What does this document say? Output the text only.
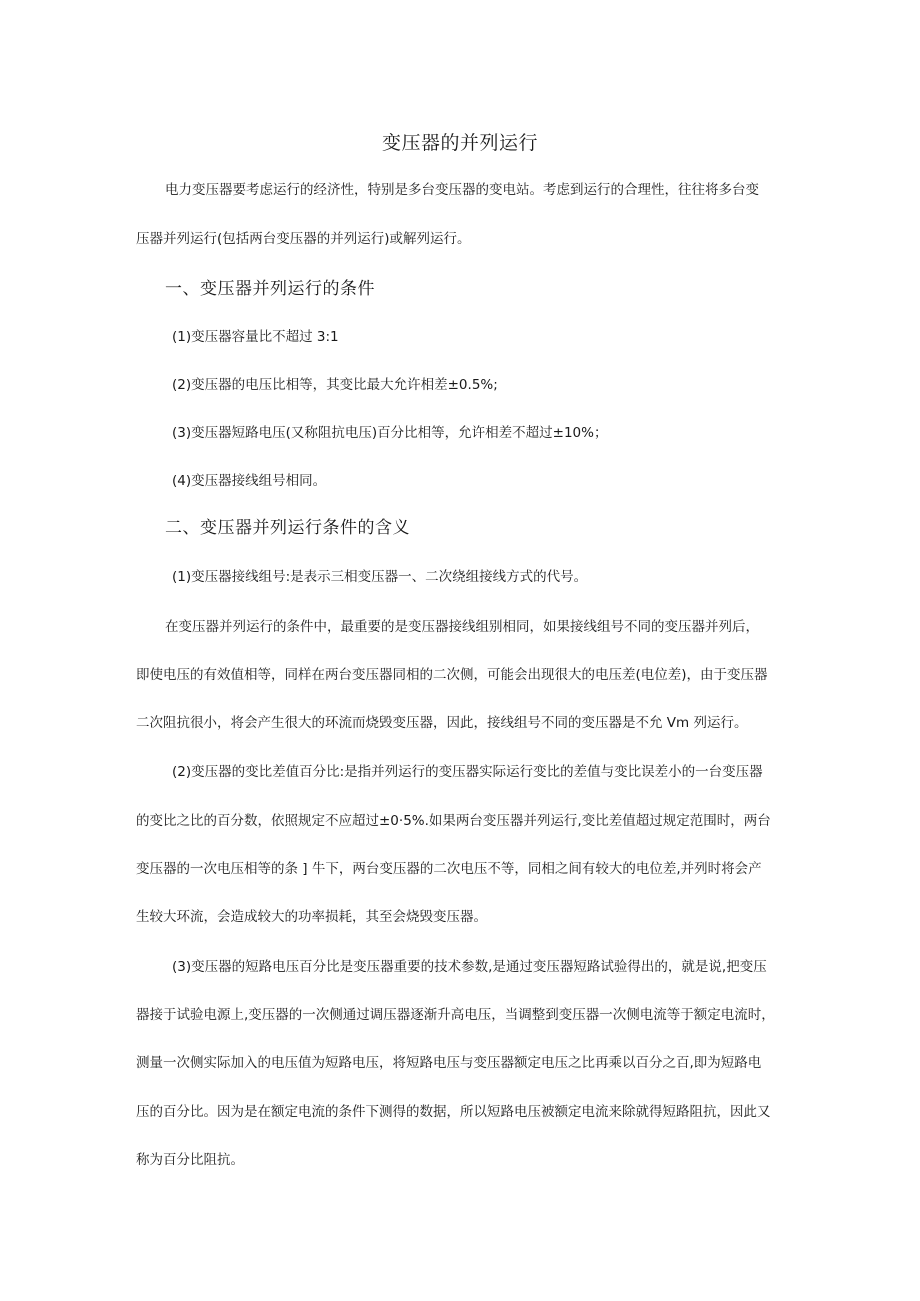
变压器的并列运行

电力变压器要考虑运行的经济性，特别是多台变压器的变电站。考虑到运行的合理性，往往将多台变

压器并列运行(包括两台变压器的并列运行)或解列运行。

一、变压器并列运行的条件

(1)变压器容量比不超过 3:1

(2)变压器的电压比相等，其变比最大允许相差±0.5%;

(3)变压器短路电压(又称阻抗电压)百分比相等，允许相差不超过±10%；

(4)变压器接线组号相同。

二、变压器并列运行条件的含义

(1)变压器接线组号:是表示三相变压器一、二次绕组接线方式的代号。

在变压器并列运行的条件中，最重要的是变压器接线组别相同，如果接线组号不同的变压器并列后，

即使电压的有效值相等，同样在两台变压器同相的二次侧，可能会出现很大的电压差(电位差)，由于变压器

二次阻抗很小，将会产生很大的环流而烧毁变压器，因此，接线组号不同的变压器是不允 Vm 列运行。

(2)变压器的变比差值百分比:是指并列运行的变压器实际运行变比的差值与变比误差小的一台变压器

的变比之比的百分数，依照规定不应超过±0·5%.如果两台变压器并列运行,变比差值超过规定范围时，两台

变压器的一次电压相等的条 ] 牛下，两台变压器的二次电压不等，同相之间有较大的电位差,并列时将会产

生较大环流，会造成较大的功率损耗，其至会烧毁变压器。

(3)变压器的短路电压百分比是变压器重要的技术参数,是通过变压器短路试验得出的，就是说,把变压

器接于试验电源上,变压器的一次侧通过调压器逐渐升高电压，当调整到变压器一次侧电流等于额定电流时，

测量一次侧实际加入的电压值为短路电压，将短路电压与变压器额定电压之比再乘以百分之百,即为短路电

压的百分比。因为是在额定电流的条件下测得的数据，所以短路电压被额定电流来除就得短路阻抗，因此又

称为百分比阻抗。
